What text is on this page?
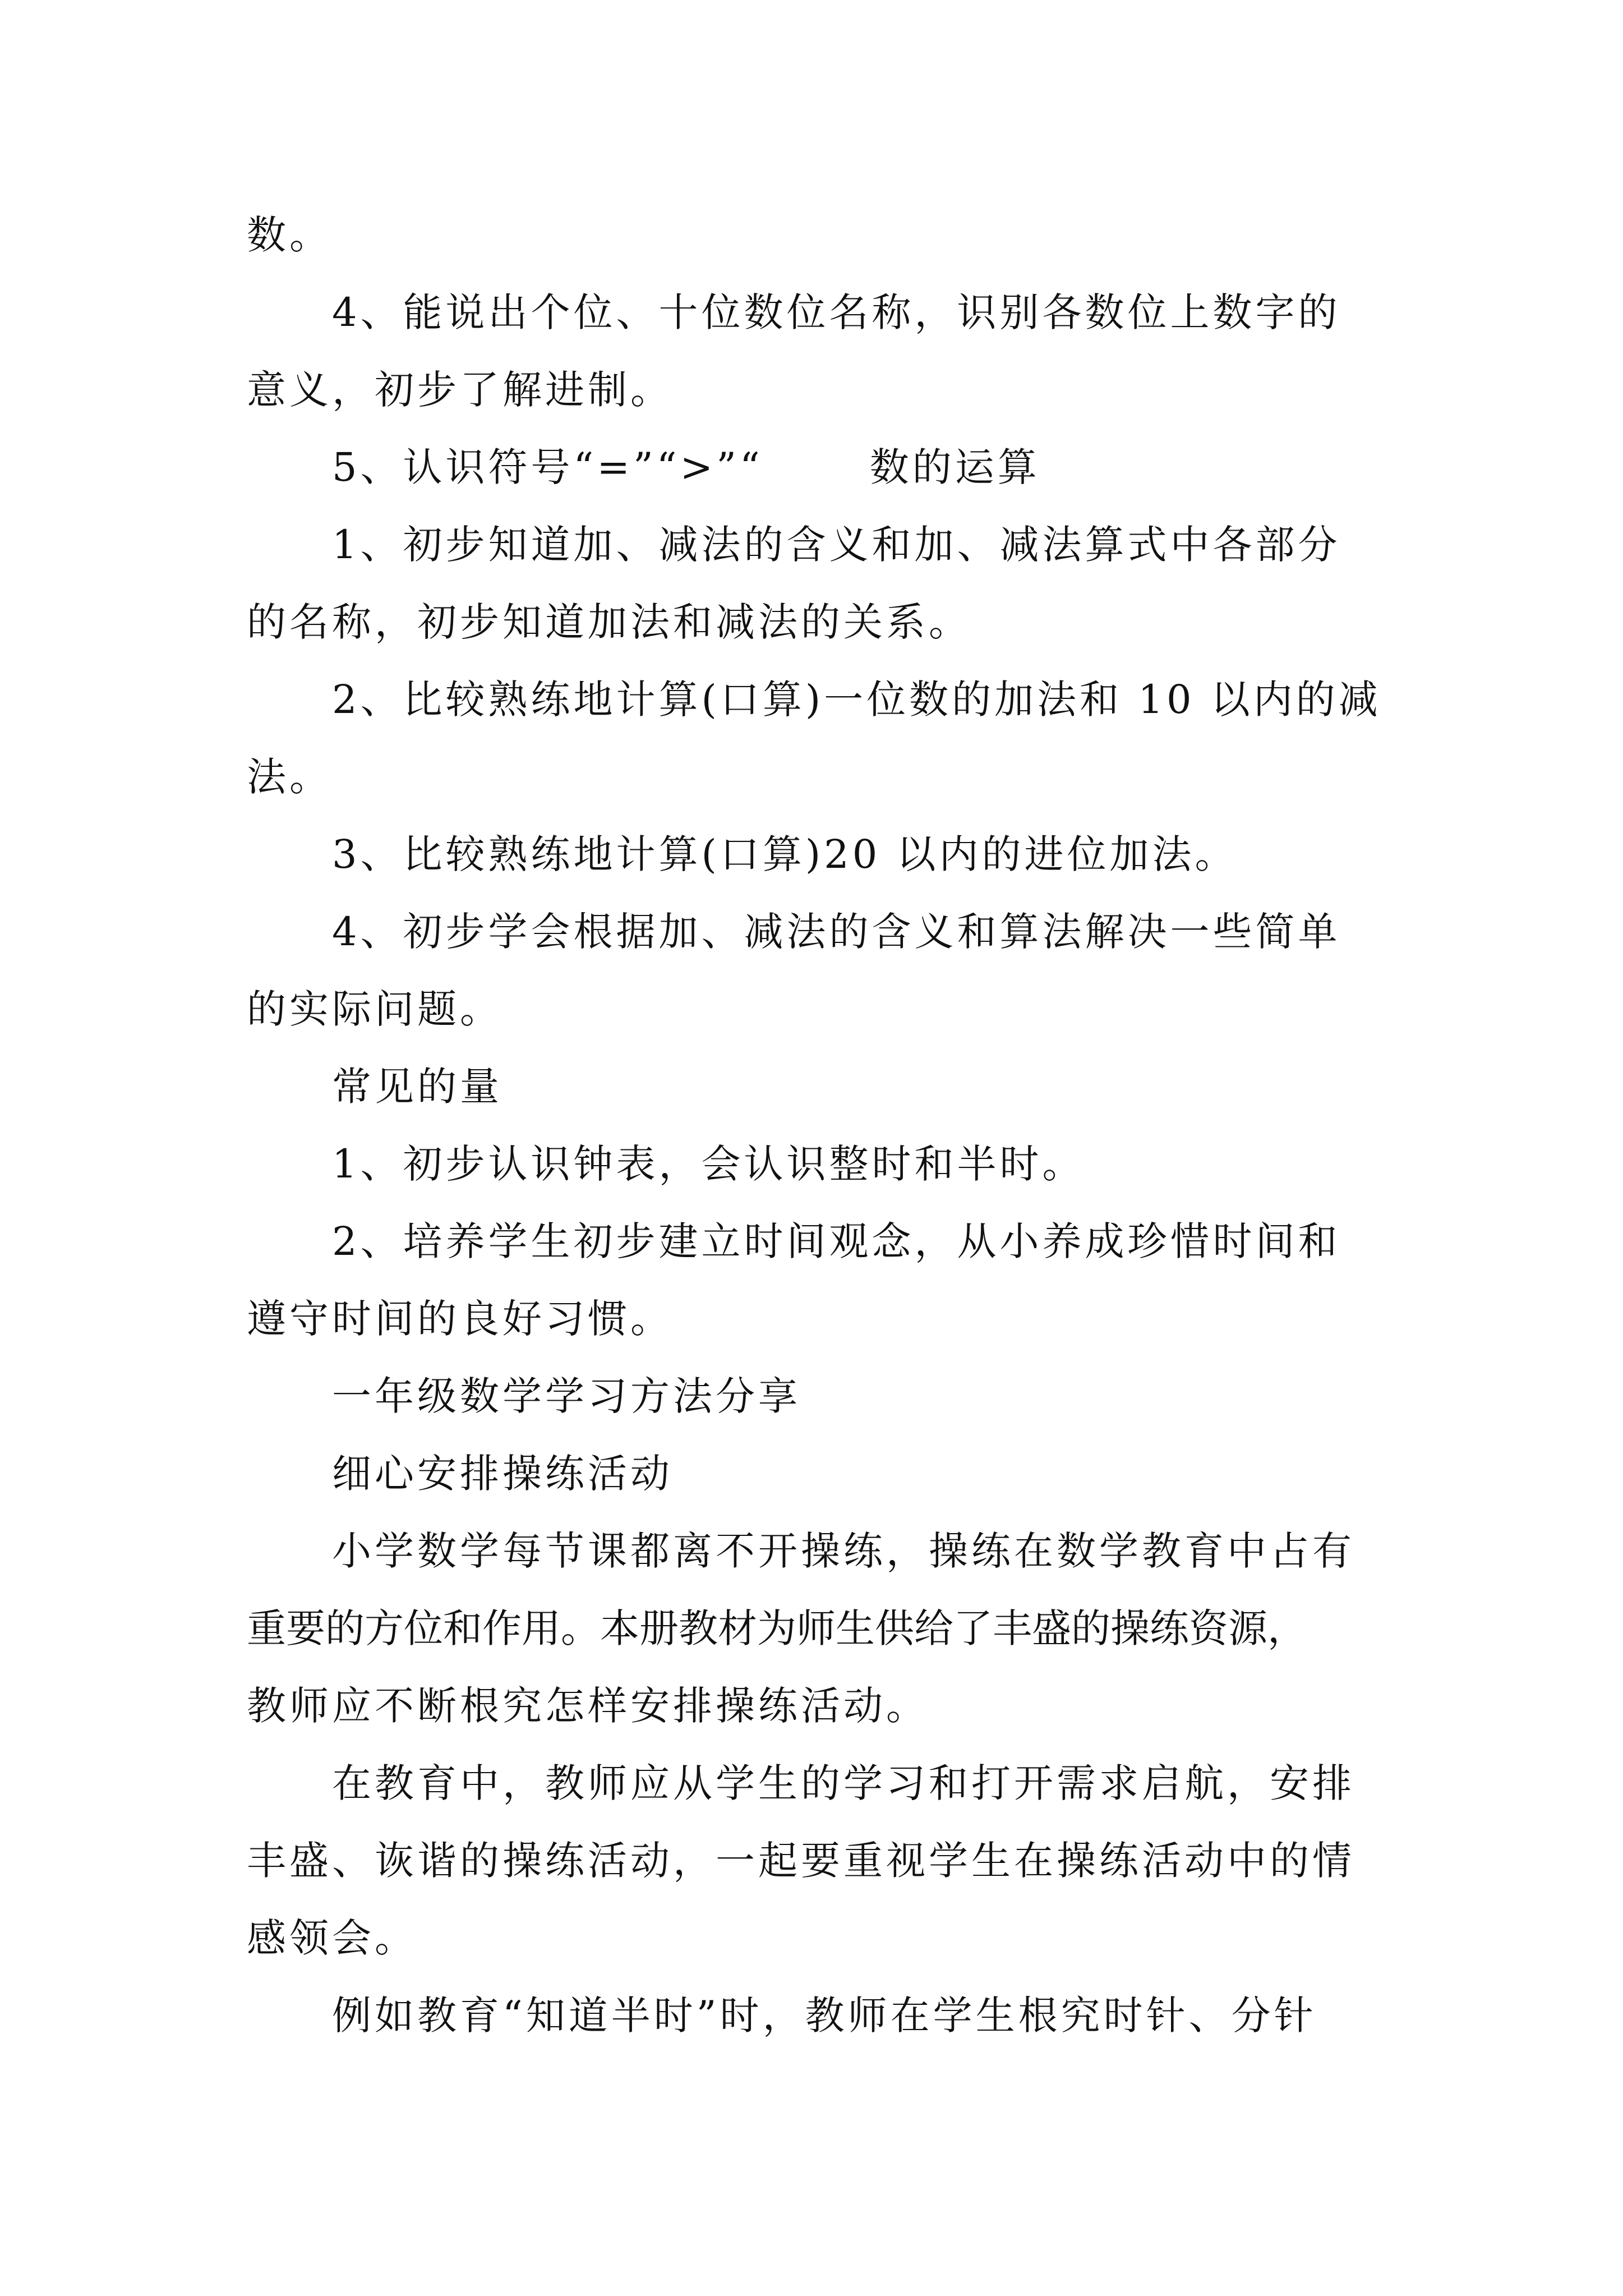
数。
4、能说出个位、十位数位名称，识别各数位上数字的
意义，初步了解进制。
5、认识符号“=”“>”“	数的运算
1、初步知道加、减法的含义和加、减法算式中各部分
的名称，初步知道加法和减法的关系。
2、比较熟练地计算(口算)一位数的加法和 10 以内的减
法。
3、比较熟练地计算(口算)20 以内的进位加法。
4、初步学会根据加、减法的含义和算法解决一些简单
的实际问题。
常见的量
1、初步认识钟表，会认识整时和半时。
2、培养学生初步建立时间观念，从小养成珍惜时间和
遵守时间的良好习惯。
一年级数学学习方法分享
细心安排操练活动
小学数学每节课都离不开操练，操练在数学教育中占有
重要的方位和作用。本册教材为师生供给了丰盛的操练资源，
教师应不断根究怎样安排操练活动。
在教育中，教师应从学生的学习和打开需求启航，安排
丰盛、诙谐的操练活动，一起要重视学生在操练活动中的情
感领会。
例如教育“知道半时”时，教师在学生根究时针、分针
